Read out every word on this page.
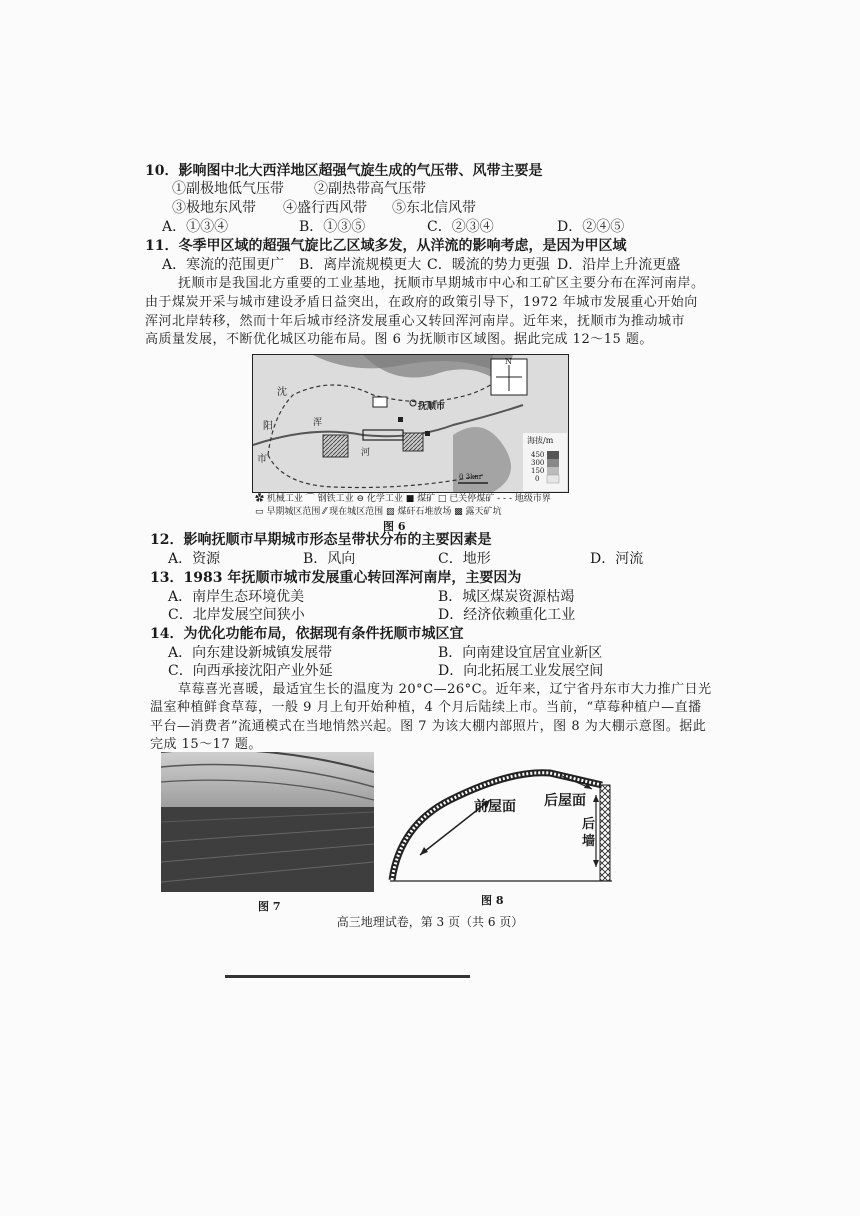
10．影响图中北大西洋地区超强气旋生成的气压带、风带主要是
①副极地低气压带 ②副热带高气压带
③极地东风带 ④盛行西风带 ⑤东北信风带
A．①③④	B．①③⑤	C．②③④	D．②④⑤
11．冬季甲区域的超强气旋比乙区域多发，从洋流的影响考虑，是因为甲区域
A．寒流的范围更广 B．离岸流规模更大 C．暖流的势力更强 D．沿岸上升流更盛
抚顺市是我国北方重要的工业基地，抚顺市早期城市中心和工矿区主要分布在浑河南岸。
由于煤炭开采与城市建设矛盾日益突出，在政府的政策引导下，1972 年城市发展重心开始向
浑河北岸转移，然而十年后城市经济发展重心又转回浑河南岸。近年来，抚顺市为推动城市
高质量发展，不断优化城区功能布局。图 6 为抚顺市区域图。据此完成 12～15 题。
沈
阳
市
浑
河
抚顺市
N
海拔/m
450
300
150
0
0 3km
✿ 机械工业 ⌒ 钢铁工业 ⊖ 化学工业 ■ 煤矿 □ 已关停煤矿 - - - 地级市界
▭ 早期城区范围 ⁄⁄ 现在城区范围 ▨ 煤矸石堆放场 ▩ 露天矿坑
图 6
12．影响抚顺市早期城市形态呈带状分布的主要因素是
A．资源	B．风向	C．地形	D．河流
13．1983 年抚顺市城市发展重心转回浑河南岸，主要因为
A．南岸生态环境优美	B．城区煤炭资源枯竭
C．北岸发展空间狭小	D．经济依赖重化工业
14．为优化功能布局，依据现有条件抚顺市城区宜
A．向东建设新城镇发展带	B．向南建设宜居宜业新区
C．向西承接沈阳产业外延	D．向北拓展工业发展空间
草莓喜光喜暖，最适宜生长的温度为 20°C—26°C。近年来，辽宁省丹东市大力推广日光
温室种植鲜食草莓，一般 9 月上旬开始种植，4 个月后陆续上市。当前，“草莓种植户—直播
平台—消费者”流通模式在当地悄然兴起。图 7 为该大棚内部照片，图 8 为大棚示意图。据此
完成 15～17 题。
图 7
前屋面 后屋面
后
墙
图 8
高三地理试卷，第 3 页（共 6 页）
